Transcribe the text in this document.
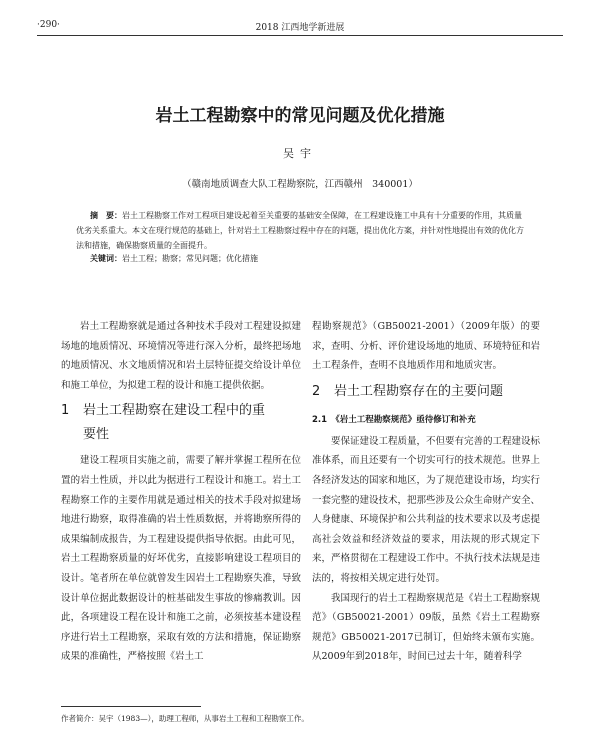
·290·	2018 江西地学新进展
岩土工程勘察中的常见问题及优化措施
吴宇
（赣南地质调查大队工程勘察院，江西赣州　340001）
摘　要：岩土工程勘察工作对工程项目建设起着至关重要的基础安全保障，在工程建设施工中具有十分重要的作用，其质量优劣关系重大。本文在现行规范的基础上，针对岩土工程勘察过程中存在的问题，提出优化方案，并针对性地提出有效的优化方法和措施，确保勘察质量的全面提升。
关键词：岩土工程；勘察；常见问题；优化措施

岩土工程勘察就是通过各种技术手段对工程建设拟建场地的地质情况、环境情况等进行深入分析，最终把场地的地质情况、水文地质情况和岩土层特征提交给设计单位和施工单位，为拟建工程的设计和施工提供依据。

1 岩土工程勘察在建设工程中的重
要性

建设工程项目实施之前，需要了解并掌握工程所在位置的岩土性质，并以此为据进行工程设计和施工。岩土工程勘察工作的主要作用就是通过相关的技术手段对拟建场地进行勘察，取得准确的岩土性质数据，并将勘察所得的成果编制成报告，为工程建设提供指导依据。由此可见，岩土工程勘察质量的好坏优劣，直接影响建设工程项目的设计。笔者所在单位就曾发生因岩土工程勘察失准，导致设计单位据此数据设计的桩基础发生事故的惨痛教训。因此，各项建设工程在设计和施工之前，必须按基本建设程序进行岩土工程勘察，采取有效的方法和措施，保证勘察成果的准确性，严格按照《岩土工

程勘察规范》（GB50021-2001）（2009年版）的要求，查明、分析、评价建设场地的地质、环境特征和岩土工程条件，查明不良地质作用和地质灾害。

2 岩土工程勘察存在的主要问题
2.1　《岩土工程勘察规范》亟待修订和补充

要保证建设工程质量，不但要有完善的工程建设标准体系，而且还要有一个切实可行的技术规范。世界上各经济发达的国家和地区，为了规范建设市场，均实行一套完整的建设技术，把那些涉及公众生命财产安全、人身健康、环境保护和公共利益的技术要求以及考虑提高社会效益和经济效益的要求，用法规的形式规定下来，严格贯彻在工程建设工作中。不执行技术法规是违法的，将按相关规定进行处罚。

我国现行的岩土工程勘察规范是《岩土工程勘察规范》（GB50021-2001）09版，虽然《岩土工程勘察规范》GB50021-2017已制订，但始终未颁布实施。从2009年到2018年，时间已过去十年，随着科学

作者简介：吴宇（1983—），助理工程师，从事岩土工程和工程勘察工作。
